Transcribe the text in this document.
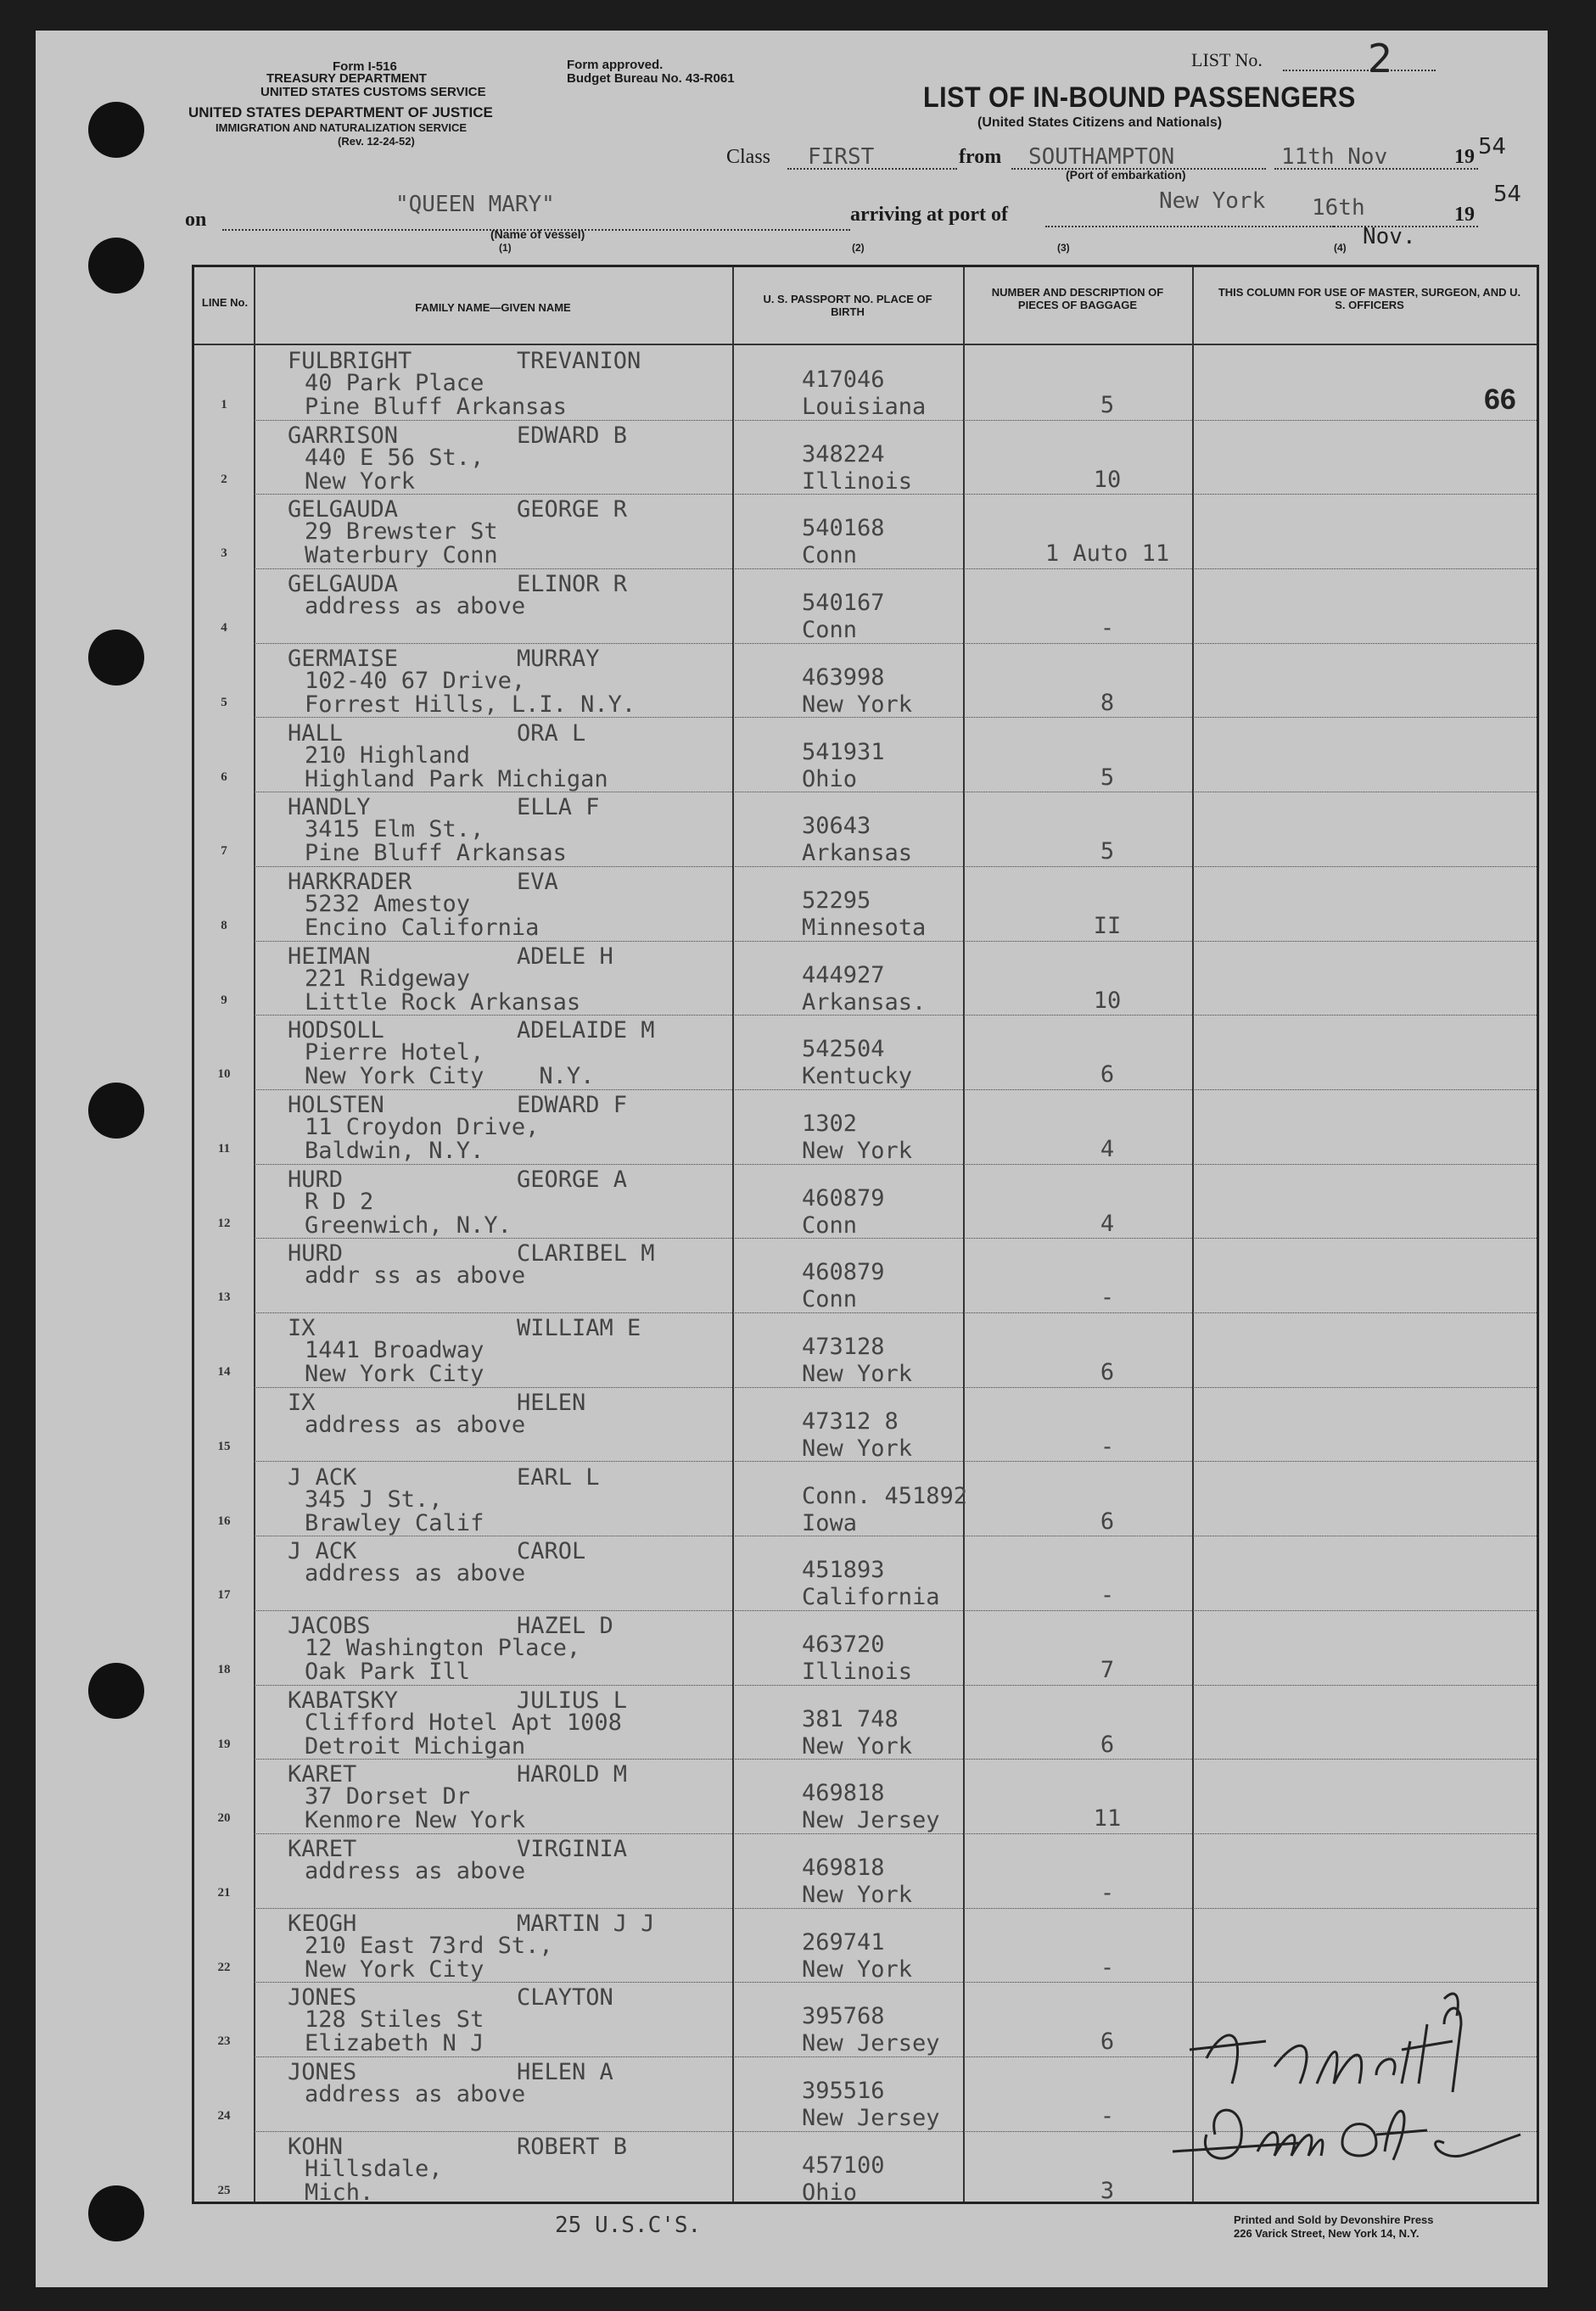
Form I-516
TREASURY DEPARTMENT
UNITED STATES CUSTOMS SERVICE
UNITED STATES DEPARTMENT OF JUSTICE
IMMIGRATION AND NATURALIZATION SERVICE
(Rev. 12-24-52)
Form approved.
Budget Bureau No. 43-R061
LIST No.	2
LIST OF IN-BOUND PASSENGERS
(United States Citizens and Nationals)
Class FIRST	from SOUTHAMPTON
(Port of embarkation)
11th Nov	19 54
on
"QUEEN MARY"
(Name of vessel)
(1)
arriving at port of
New York
(2)	(3)	(4)
16th
Nov.
19
54
LINE No.	FAMILY NAME—GIVEN NAME
U. S. PASSPORT NO. PLACE OF BIRTH
NUMBER AND DESCRIPTION OF PIECES OF BAGGAGE
THIS COLUMN FOR USE OF MASTER, SURGEON, AND U. S. OFFICERS
1
FULBRIGHT	TREVANION
40 Park Place
Pine Bluff Arkansas
417046
Louisiana	5	66
2
GARRISON	EDWARD B
440 E 56 St.,
New York
348224
Illinois	10
3
GELGAUDA	GEORGE R
29 Brewster St
Waterbury Conn
540168
Conn	1 Auto 11
4
GELGAUDA	ELINOR R
address as above	540167
Conn	-
5
GERMAISE	MURRAY
102-40 67 Drive,
Forrest Hills, L.I. N.Y.
463998
New York	8
6
HALL	ORA L
210 Highland
Highland Park Michigan
541931
Ohio	5
7
HANDLY	ELLA F
3415 Elm St.,
Pine Bluff Arkansas
30643
Arkansas	5
8
HARKRADER	EVA
5232 Amestoy
Encino California
52295
Minnesota	II
9
HEIMAN	ADELE H
221 Ridgeway
Little Rock Arkansas
444927
Arkansas.	10
10
HODSOLL	ADELAIDE M
Pierre Hotel,
New York City    N.Y.
542504
Kentucky	6
11
HOLSTEN	EDWARD F
11 Croydon Drive,
Baldwin, N.Y.
1302
New York	4
12
HURD	GEORGE A
R D 2
Greenwich, N.Y.
460879
Conn	4
13
HURD	CLARIBEL M
addr ss as above	460879
Conn	-
14
IX	WILLIAM E
1441 Broadway
New York City
473128
New York	6
15
IX	HELEN
address as above	47312 8
New York	-
16
J ACK	EARL L
345 J St.,
Brawley Calif
Conn. 451892
Iowa	6
17
J ACK	CAROL
address as above	451893
California	-
18
JACOBS	HAZEL D
12 Washington Place,
Oak Park Ill
463720
Illinois	7
19
KABATSKY	JULIUS L
Clifford Hotel Apt 1008
Detroit Michigan
381 748
New York	6
20
KARET	HAROLD M
37 Dorset Dr
Kenmore New York
469818
New Jersey	11
21
KARET	VIRGINIA
address as above	469818
New York	-
22
KEOGH	MARTIN J J
210 East 73rd St.,
New York City
269741
New York	-
23
JONES	CLAYTON
128 Stiles St
Elizabeth N J
395768
New Jersey	6
24
JONES	HELEN A
address as above	395516
New Jersey	-
25
KOHN	ROBERT B
Hillsdale,
Mich.
457100
Ohio	3
25 U.S.C'S.	Printed and Sold by Devonshire Press
226 Varick Street, New York 14, N.Y.
